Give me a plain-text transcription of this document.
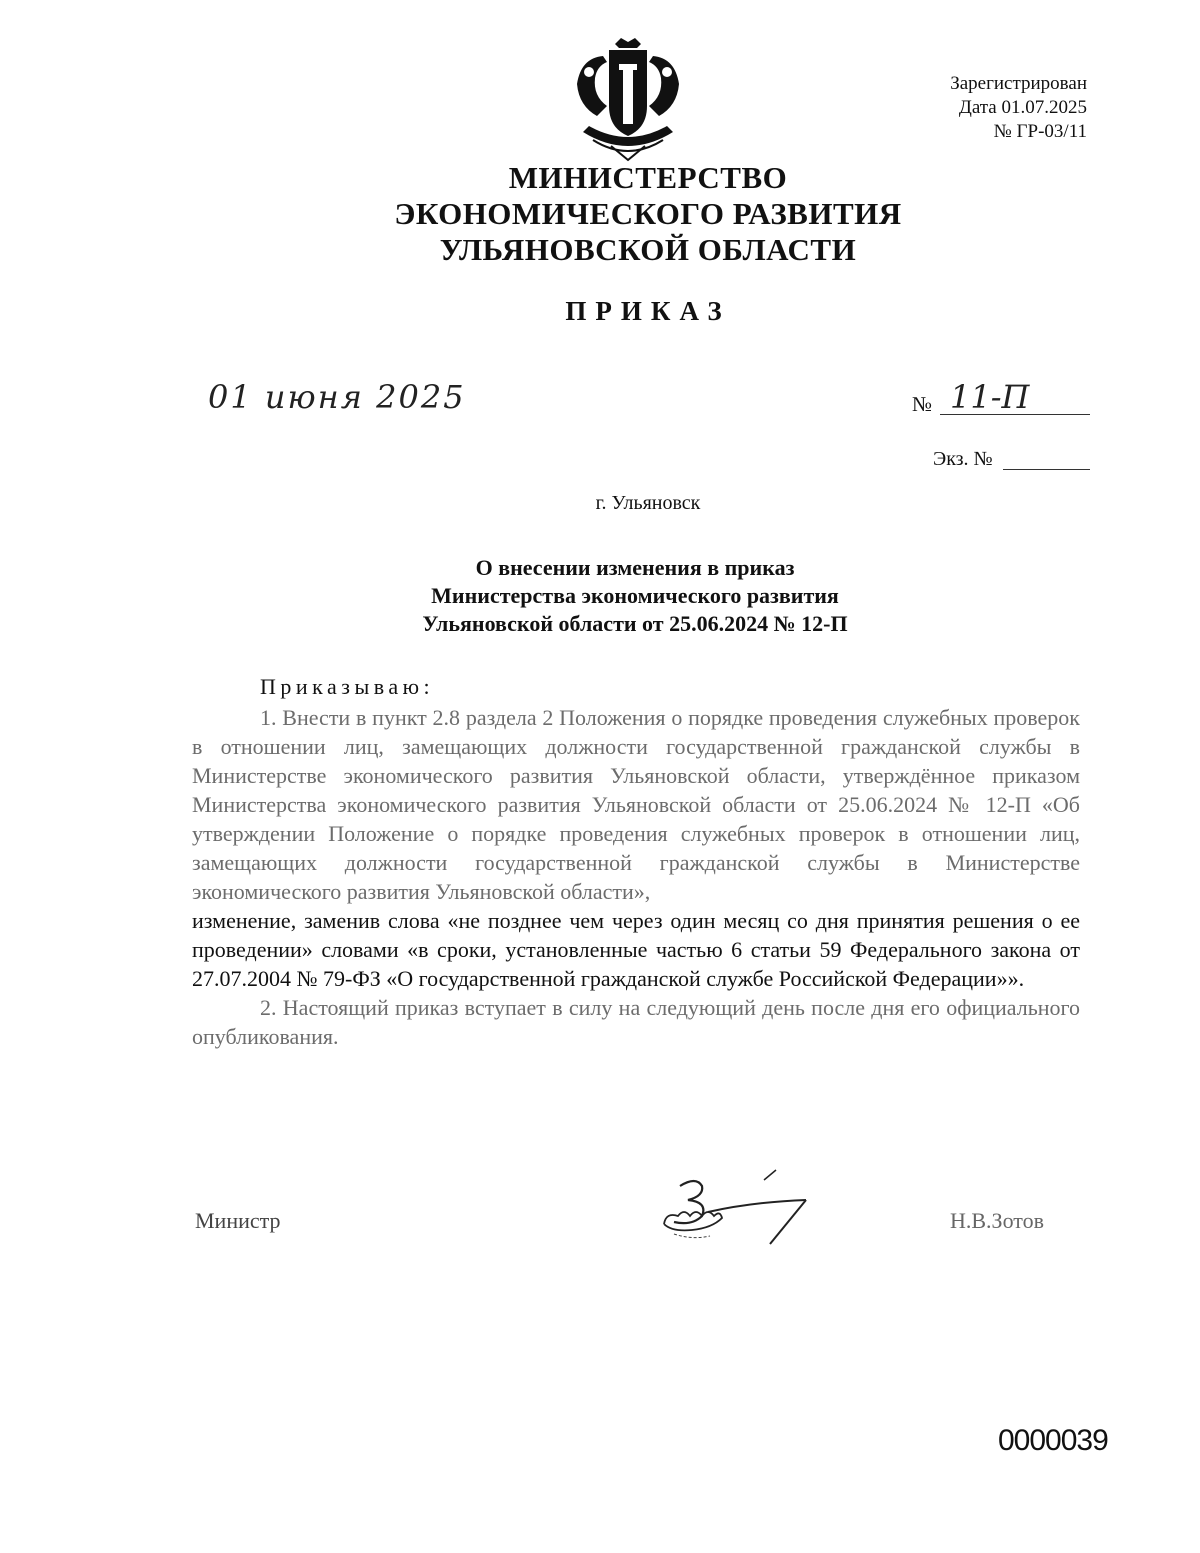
Зарегистрирован
Дата 01.07.2025
№ ГР-03/11
МИНИСТЕРСТВО
ЭКОНОМИЧЕСКОГО РАЗВИТИЯ
УЛЬЯНОВСКОЙ ОБЛАСТИ
ПРИКАЗ
01 июня 2025	№ 11-П
Экз. №
г. Ульяновск
О внесении изменения в приказ
Министерства экономического развития
Ульяновской области от 25.06.2024 № 12-П
Приказываю:

1. Внести в пункт 2.8 раздела 2 Положения о порядке проведения служебных проверок в отношении лиц, замещающих должности государственной гражданской службы в Министерстве экономического развития Ульяновской области, утверждённое приказом Министерства экономического развития Ульяновской области от 25.06.2024 № 12-П «Об утверждении Положение о порядке проведения служебных проверок в отношении лиц, замещающих должности государственной гражданской службы в Министерстве экономического развития Ульяновской области»,

изменение, заменив слова «не позднее чем через один месяц со дня принятия решения о ее проведении» словами «в сроки, установленные частью 6 статьи 59 Федерального закона от 27.07.2004 № 79-ФЗ «О государственной гражданской службе Российской Федерации»».

2. Настоящий приказ вступает в силу на следующий день после дня его официального опубликования.

Министр	Н.В.Зотов
0000039
